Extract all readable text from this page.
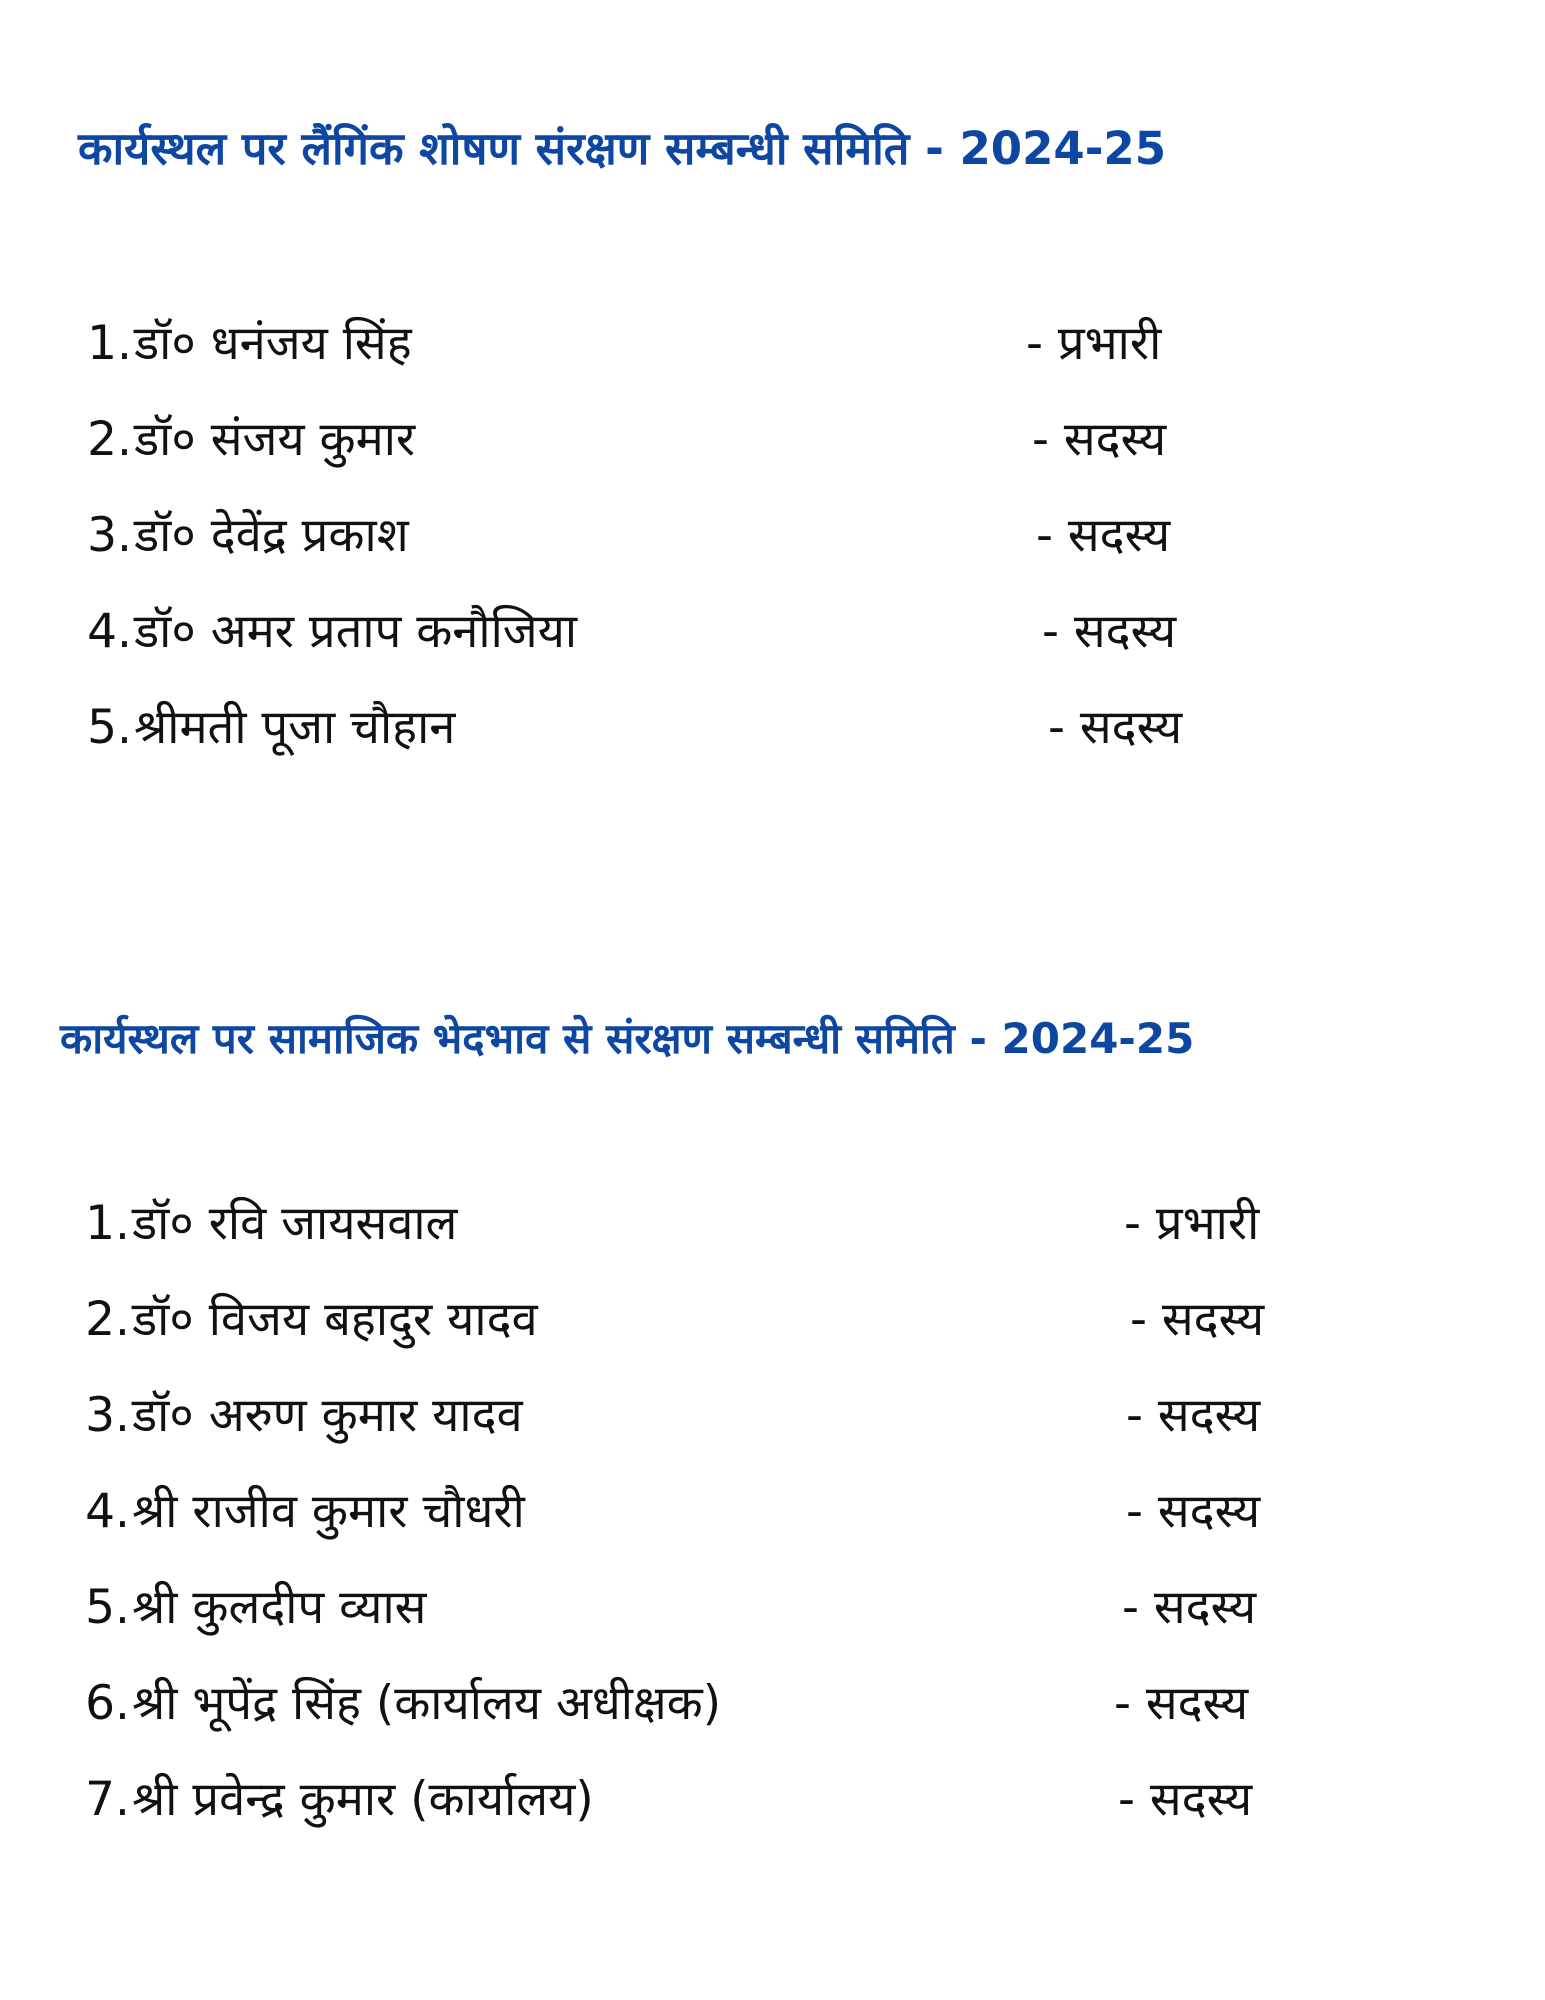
कार्यस्थल पर लैंगिंक शोषण संरक्षण सम्बन्धी समिति - 2024-25
1. डॉ० धनंजय सिंह	- प्रभारी
2. डॉ० संजय कुमार	- सदस्य
3. डॉ० देवेंद्र प्रकाश	- सदस्य
4. डॉ० अमर प्रताप कनौजिया	- सदस्य
5. श्रीमती पूजा चौहान	- सदस्य
कार्यस्थल पर सामाजिक भेदभाव से संरक्षण सम्बन्धी समिति - 2024-25
1. डॉ० रवि जायसवाल	- प्रभारी
2. डॉ० विजय बहादुर यादव	- सदस्य
3. डॉ० अरुण कुमार यादव	- सदस्य
4. श्री राजीव कुमार चौधरी	- सदस्य
5. श्री कुलदीप व्यास	- सदस्य
6. श्री भूपेंद्र सिंह (कार्यालय अधीक्षक)	- सदस्य
7. श्री प्रवेन्द्र कुमार (कार्यालय)	- सदस्य
